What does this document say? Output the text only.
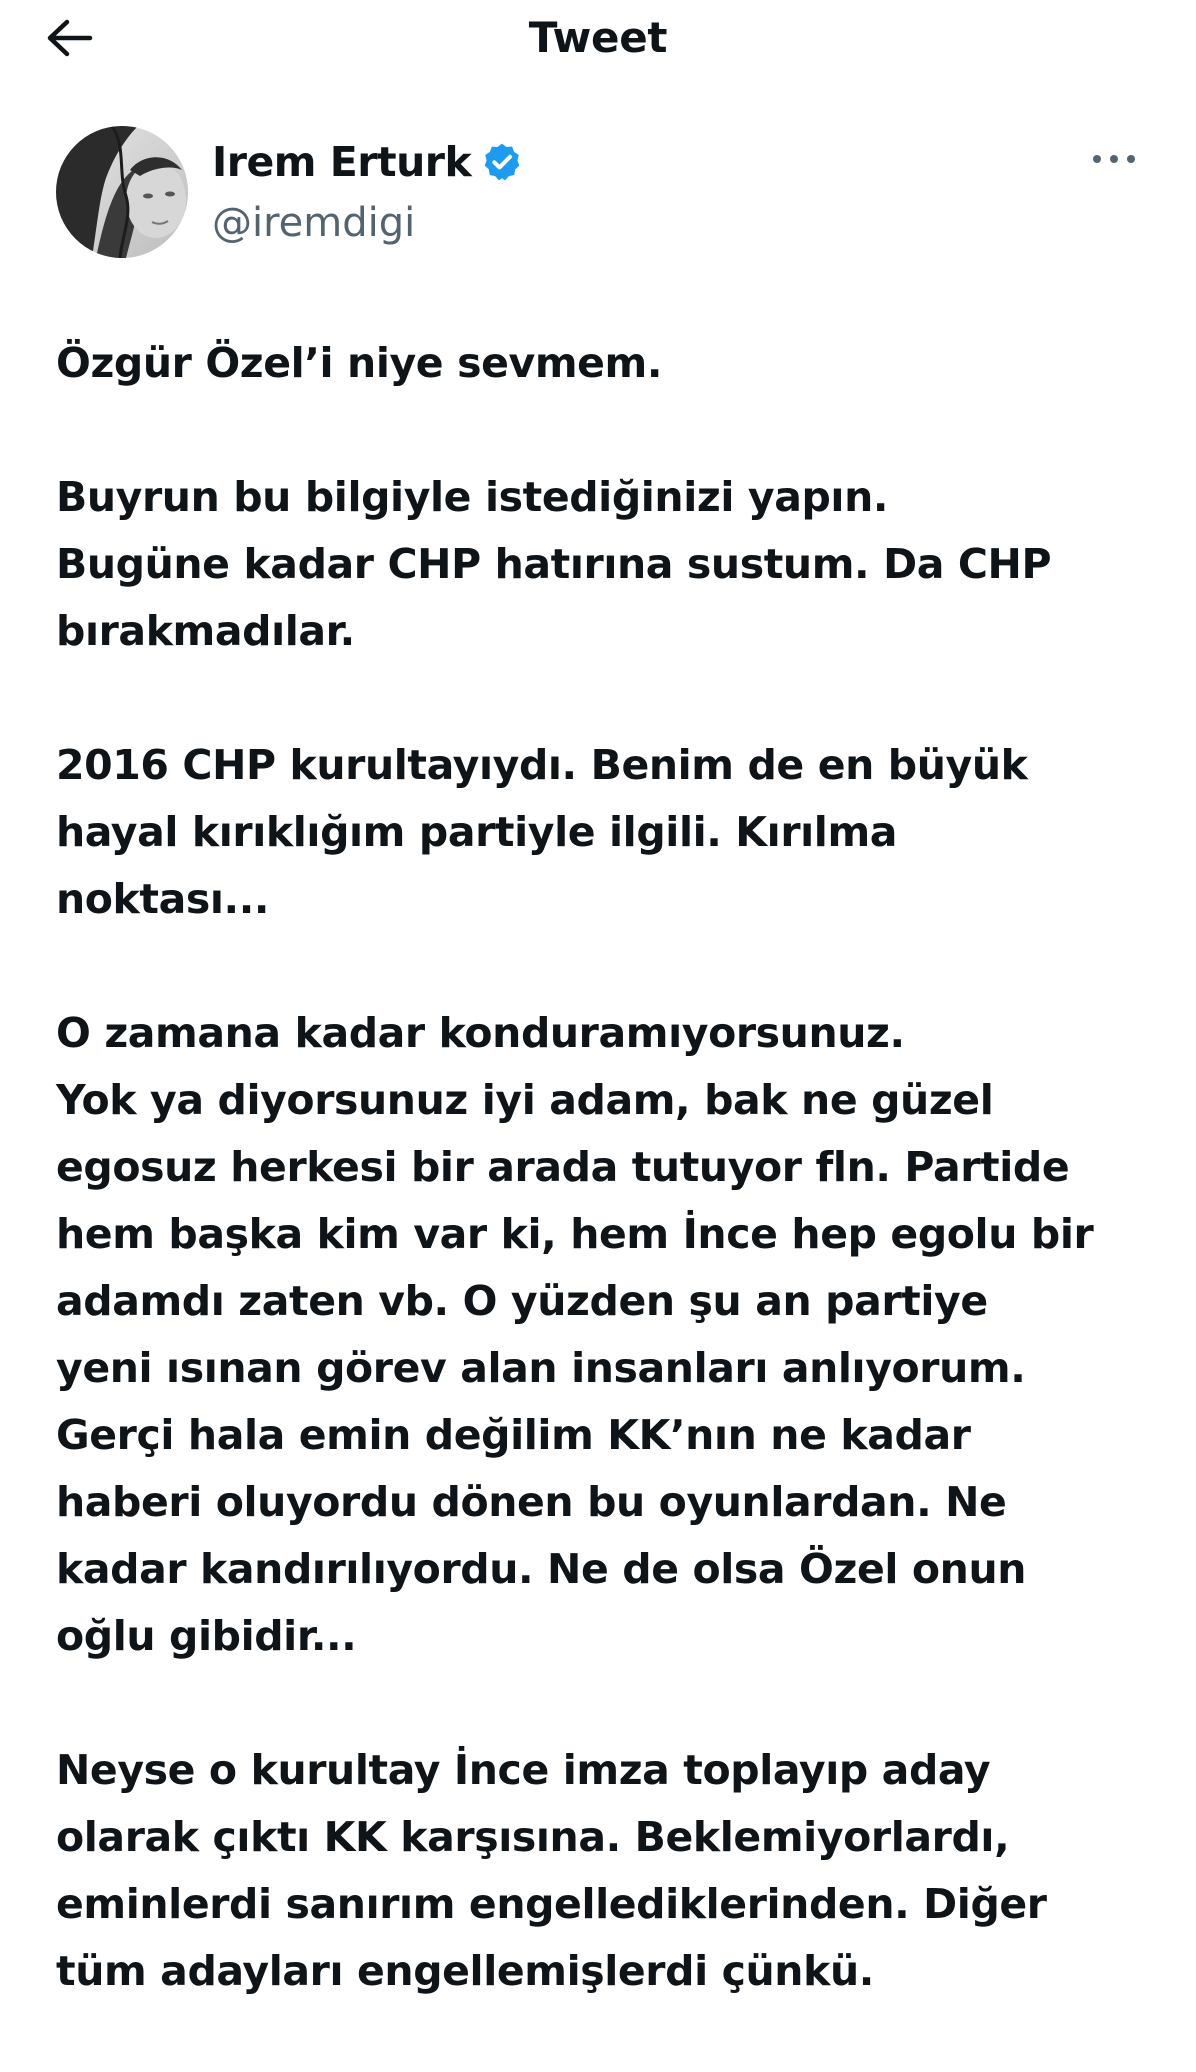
Tweet
Irem Erturk
@iremdigi

Özgür Özel’i niye sevmem.

Buyrun bu bilgiyle istediğinizi yapın.
Bugüne kadar CHP hatırına sustum. Da CHP
bırakmadılar.

2016 CHP kurultayıydı. Benim de en büyük
hayal kırıklığım partiyle ilgili. Kırılma
noktası...

O zamana kadar konduramıyorsunuz.
Yok ya diyorsunuz iyi adam, bak ne güzel
egosuz herkesi bir arada tutuyor fln. Partide
hem başka kim var ki, hem İnce hep egolu bir
adamdı zaten vb. O yüzden şu an partiye
yeni ısınan görev alan insanları anlıyorum.
Gerçi hala emin değilim KK’nın ne kadar
haberi oluyordu dönen bu oyunlardan. Ne
kadar kandırılıyordu. Ne de olsa Özel onun
oğlu gibidir...

Neyse o kurultay İnce imza toplayıp aday
olarak çıktı KK karşısına. Beklemiyorlardı,
eminlerdi sanırım engellediklerinden. Diğer
tüm adayları engellemişlerdi çünkü.
